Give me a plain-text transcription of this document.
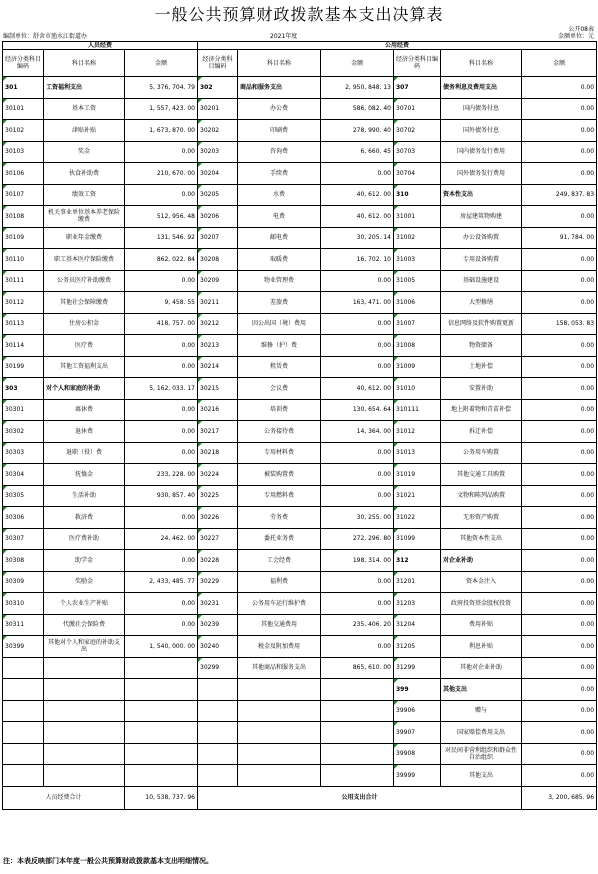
一般公共预算财政拨款基本支出决算表
公开08表
编制单位：舒舍市渔水江街道办	2021年度	金额单位：元
人员经费			公用经费					
经济分类科目编码	科目名称	金额	经济分类科目编码	科目名称	金额	经济分类科目编码	科目名称	金额
301	工资福利支出	5, 376, 704. 79	302	商品和服务支出	2, 950, 848. 13	307	债务利息及费用支出	0.00
30101	基本工资	1, 557, 423. 00	30201	办公费	586, 082. 40	30701	国内债务付息	0.00
30102	津贴补贴	1, 673, 870. 00	30202	印刷费	278, 990. 40	30702	国外债务付息	0.00
30103	奖金	0.00	30203	咨询费	6, 660. 45	30703	国内债务发行费用	0.00
30106	伙食补助费	210, 670. 00	30204	手续费	0.00	30704	国外债务发行费用	0.00
30107	绩效工资	0.00	30205	水费	40, 612. 00	310	资本性支出	249, 837. 83
30108	机关事业单位基本养老保险缴费	512, 956. 48	30206	电费	40, 612. 00	31001	房屋建筑物购建	0.00
30109	职业年金缴费	131, 546. 92	30207	邮电费	30, 205. 14	31002	办公设备购置	91, 784. 00
30110	职工基本医疗保险缴费	862, 022. 84	30208	取暖费	16, 702. 10	31003	专用设备购置	0.00
30111	公务员医疗补助缴费	0.00	30209	物业管理费	0.00	31005	基础设施建设	0.00
30112	其他社会保障缴费	9, 458. 55	30211	差旅费	163, 471. 00	31006	大型修缮	0.00
30113	住房公积金	418, 757. 00	30212	因公出国（境）费用	0.00	31007	信息网络及软件购置更新	158, 053. 83
30114	医疗费	0.00	30213	维修（护）费	0.00	31008	物资储备	0.00
30199	其他工资福利支出	0.00	30214	租赁费	0.00	31009	土地补偿	0.00
303	对个人和家庭的补助	5, 162, 033. 17	30215	会议费	40, 612. 00	31010	安置补助	0.00
30301	离休费	0.00	30216	培训费	130, 654. 64	310111	地上附着物和青苗补偿	0.00
30302	退休费	0.00	30217	公务接待费	14, 364. 00	31012	拆迁补偿	0.00
30303	退职（役）费	0.00	30218	专用材料费	0.00	31013	公务用车购置	0.00
30304	抚恤金	233, 228. 00	30224	被装购置费	0.00	31019	其他交通工具购置	0.00
30305	生活补助	930, 857. 40	30225	专用燃料费	0.00	31021	文物和陈列品购置	0.00
30306	救济费	0.00	30226	劳务费	30, 255. 00	31022	无形资产购置	0.00
30307	医疗费补助	24, 462. 00	30227	委托业务费	272, 296. 80	31099	其他资本性支出	0.00
30308	助学金	0.00	30228	工会经费	198, 314. 00	312	对企业补助	0.00
30309	奖励金	2, 433, 485. 77	30229	福利费	0.00	31201	资本金注入	0.00
30310	个人农业生产补贴	0.00	30231	公务用车运行维护费	0.00	31203	政府投资基金股权投资	0.00
30311	代缴社会保险费	0.00	30239	其他交通费用	235, 406. 20	31204	费用补贴	0.00
30399	其他对个人和家庭的补助支出	1, 540, 000. 00	30240	税金及附加费用	0.00	31205	利息补贴	0.00
			30299	其他商品和服务支出	865, 610. 00	31299	其他对企业补助	0.00
						399	其他支出	0.00
						39906	赠与	0.00
						39907	国家赔偿费用支出	0.00
						39908	对民间非营利组织和群众性自治组织	0.00
						39999	其他支出	0.00
人员经费合计		10, 538, 737. 96	公用支出合计					3, 200, 685. 96
注：本表反映部门本年度一般公共预算财政拨款基本支出明细情况。
